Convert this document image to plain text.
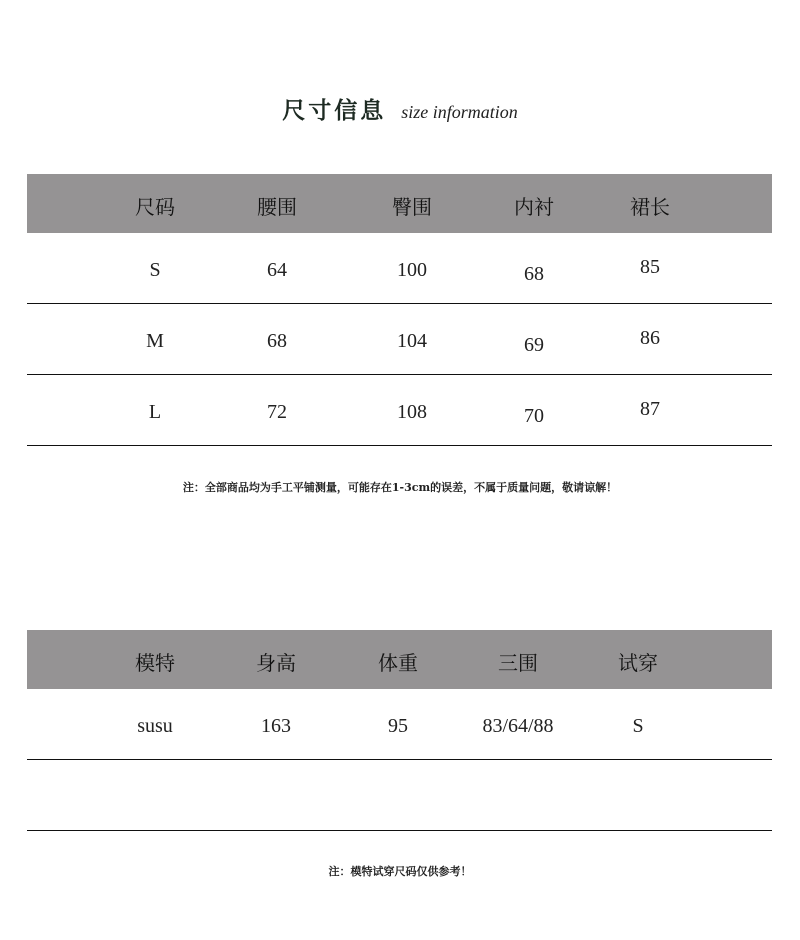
尺寸信息 size information
尺码	腰围	臀围	内衬	裙长
S	64	100	68	85
M	68	104	69	86
L	72	108	70	87
注：全部商品均为手工平铺测量，可能存在1-3cm的误差，不属于质量问题，敬请谅解！
模特	身高	体重	三围	试穿
susu	163	95	83/64/88	S
注：模特试穿尺码仅供参考！
